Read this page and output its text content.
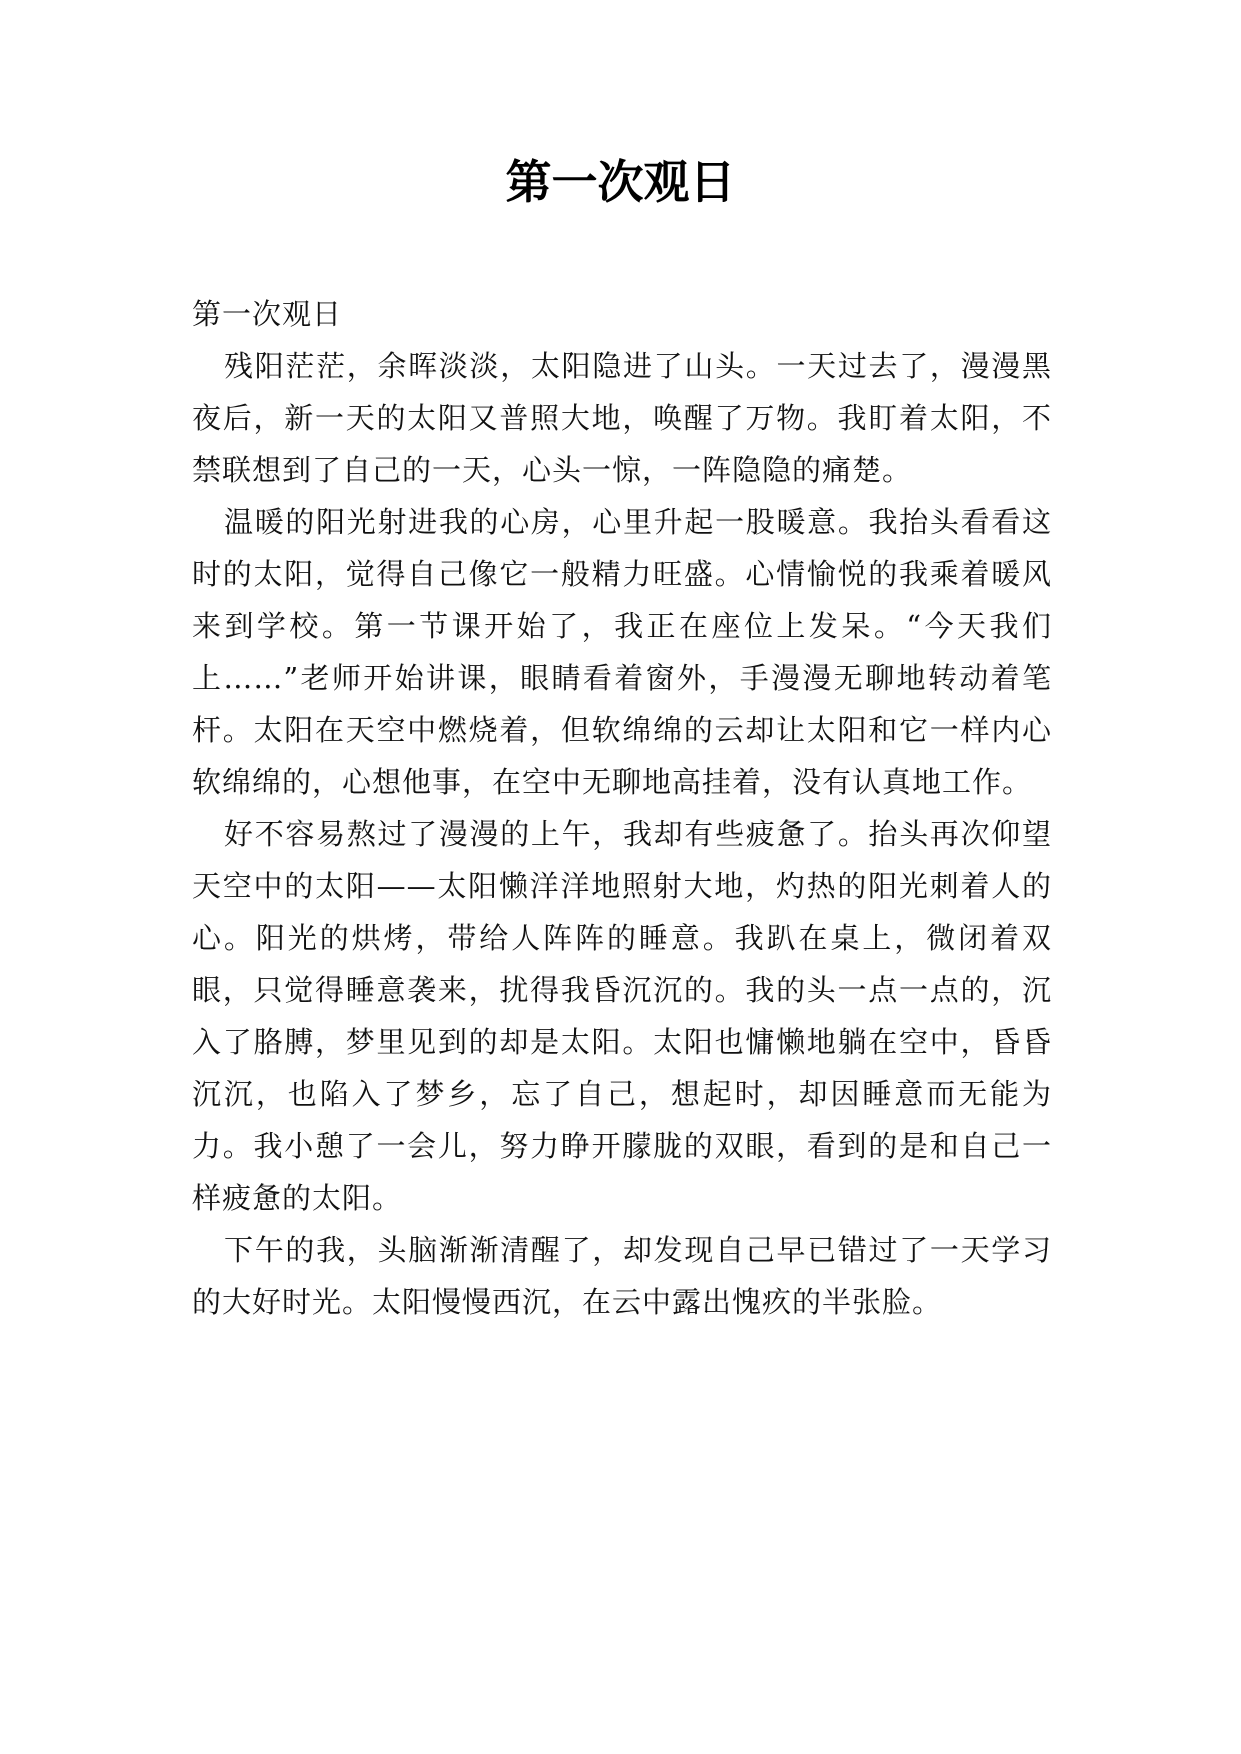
第一次观日

第一次观日

残阳茫茫，余晖淡淡，太阳隐进了山头。一天过去了，漫漫黑夜后，新一天的太阳又普照大地，唤醒了万物。我盯着太阳，不禁联想到了自己的一天，心头一惊，一阵隐隐的痛楚。

温暖的阳光射进我的心房，心里升起一股暖意。我抬头看看这时的太阳，觉得自己像它一般精力旺盛。心情愉悦的我乘着暖风来到学校。第一节课开始了，我正在座位上发呆。“今天我们上……”老师开始讲课，眼睛看着窗外，手漫漫无聊地转动着笔杆。太阳在天空中燃烧着，但软绵绵的云却让太阳和它一样内心软绵绵的，心想他事，在空中无聊地高挂着，没有认真地工作。

好不容易熬过了漫漫的上午，我却有些疲惫了。抬头再次仰望天空中的太阳——太阳懒洋洋地照射大地，灼热的阳光刺着人的心。阳光的烘烤，带给人阵阵的睡意。我趴在桌上，微闭着双眼，只觉得睡意袭来，扰得我昏沉沉的。我的头一点一点的，沉入了胳膊，梦里见到的却是太阳。太阳也慵懒地躺在空中，昏昏沉沉，也陷入了梦乡，忘了自己，想起时，却因睡意而无能为力。我小憩了一会儿，努力睁开朦胧的双眼，看到的是和自己一样疲惫的太阳。

下午的我，头脑渐渐清醒了，却发现自己早已错过了一天学习的大好时光。太阳慢慢西沉，在云中露出愧疚的半张脸。
